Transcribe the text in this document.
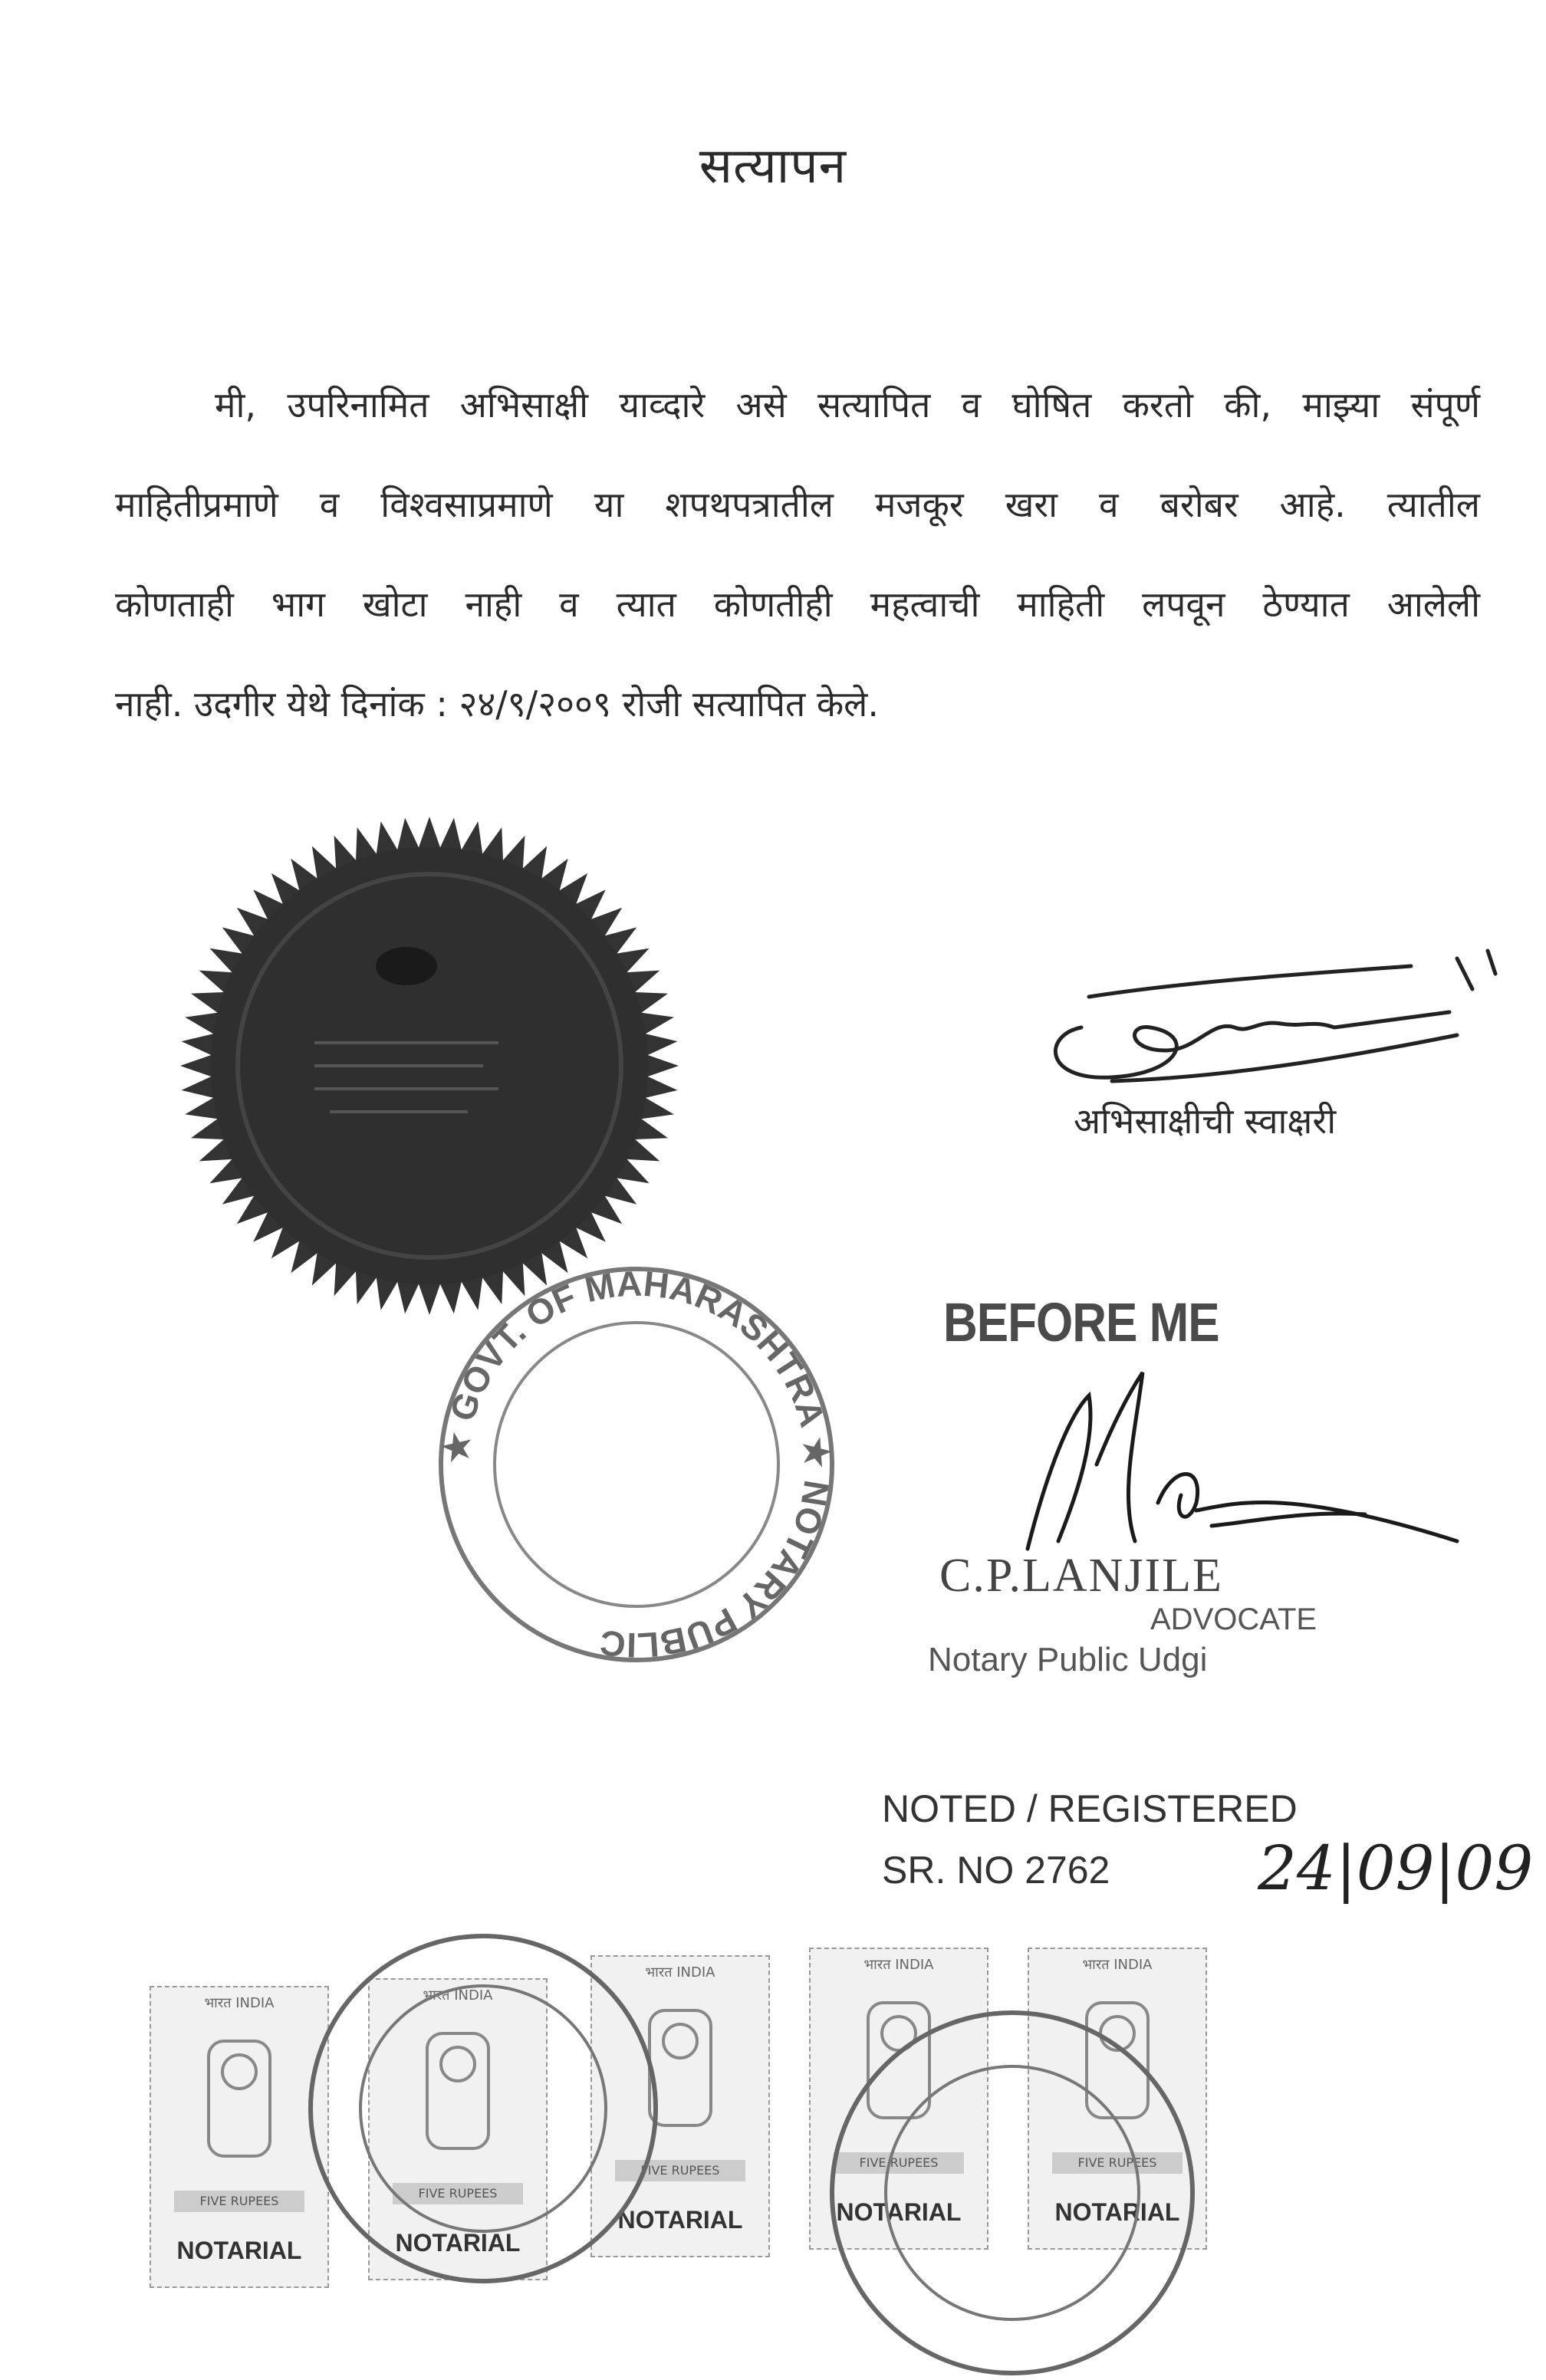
सत्यापन
मी, उपरिनामित अभिसाक्षी याव्दारे असे सत्यापित व घोषित करतो की, माझ्या संपूर्ण
माहितीप्रमाणे व विश्वसाप्रमाणे या शपथपत्रातील मजकूर खरा व बरोबर आहे. त्यातील
कोणताही भाग खोटा नाही व त्यात कोणतीही महत्वाची माहिती लपवून ठेण्यात आलेली
नाही. उदगीर येथे दिनांक : २४/९/२००९ रोजी सत्यापित केले.
अभिसाक्षीची स्वाक्षरी
★ GOVT. OF MAHARASHTRA ★ NOTARY PUBLIC
BEFORE ME
C.P.LANJILE
ADVOCATE
Notary Public Udgi
NOTED / REGISTERED
SR. NO 2762 24|09|09
भारत INDIA
FIVE RUPEES
NOTARIAL
भारत INDIA
FIVE RUPEES
NOTARIAL
भारत INDIA
FIVE RUPEES
NOTARIAL
भारत INDIA
FIVE RUPEES
NOTARIAL
भारत INDIA
FIVE RUPEES
NOTARIAL
